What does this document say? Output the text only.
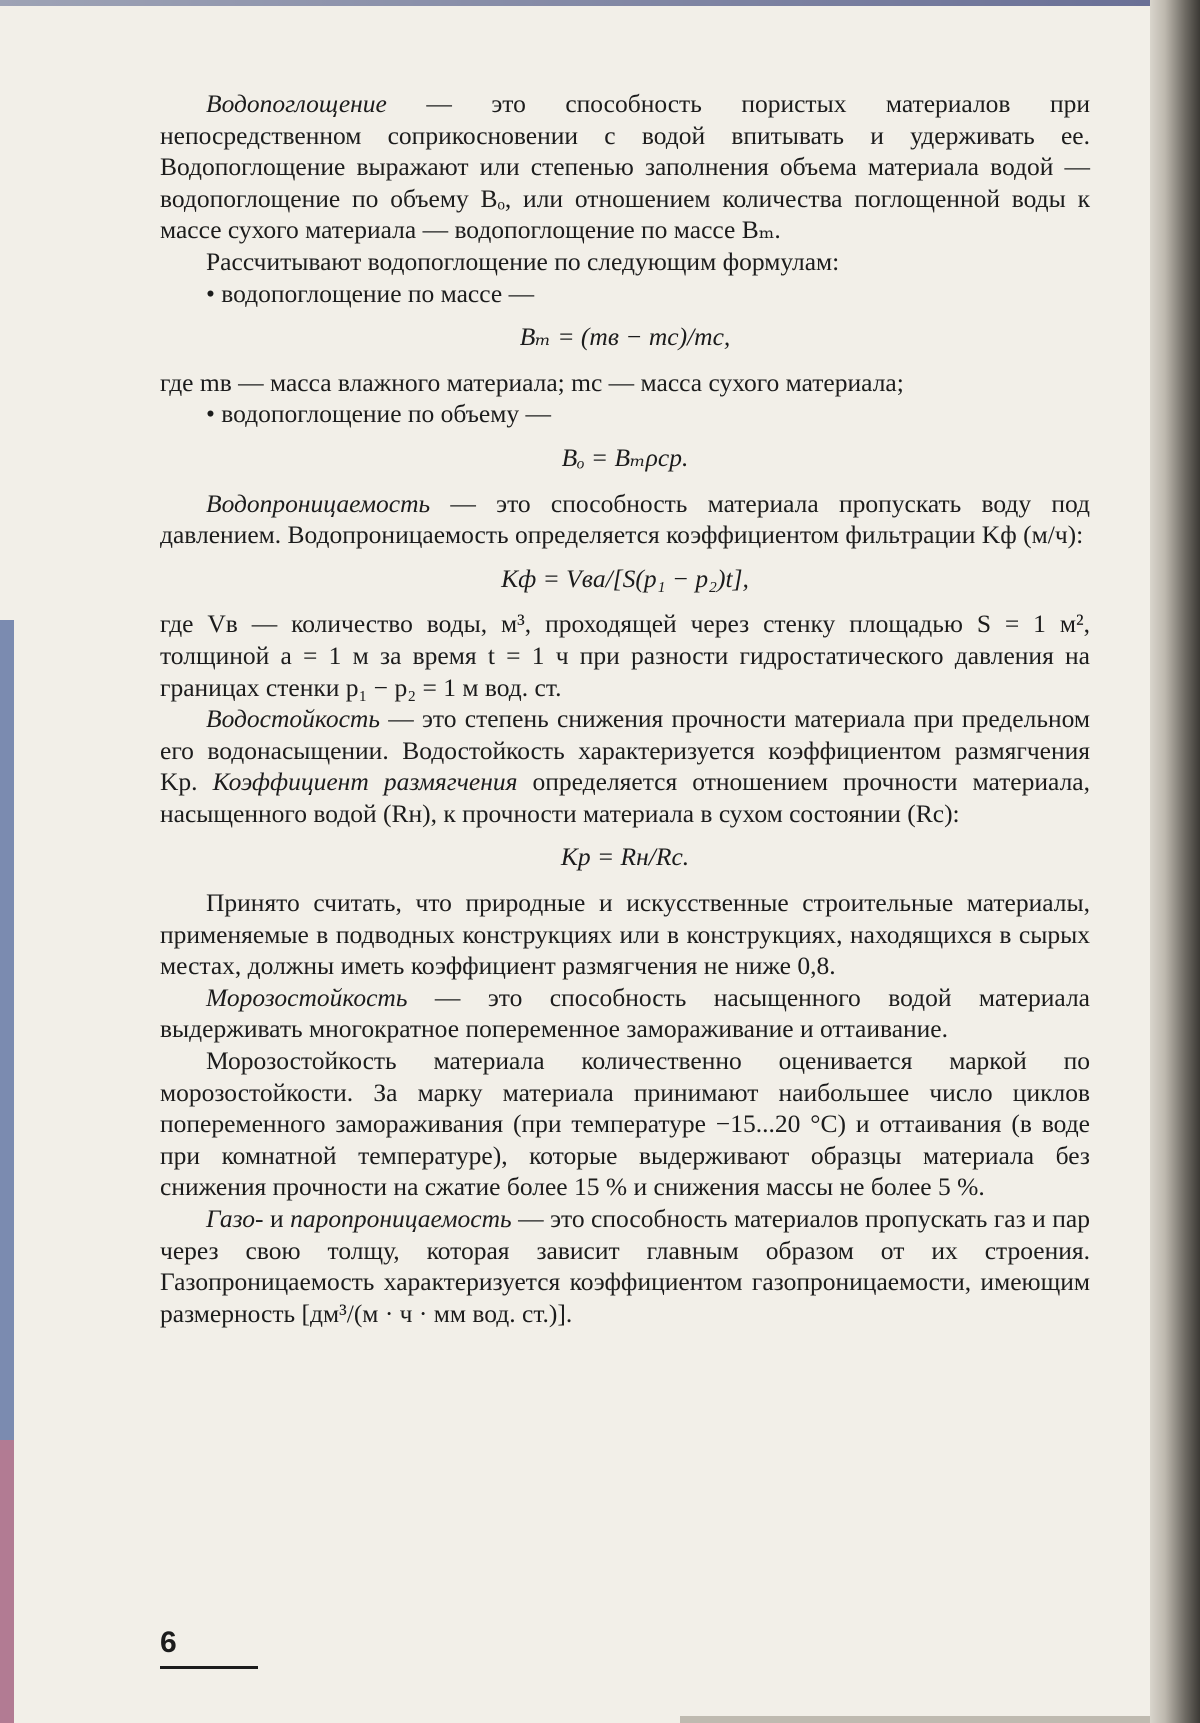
Водопоглощение — это способность пористых материалов при непосредственном соприкосновении с водой впитывать и удерживать ее. Водопоглощение выражают или степенью заполнения объема материала водой — водопоглощение по объему Вₒ, или отношением количества поглощенной воды к массе сухого материала — водопоглощение по массе Вₘ.

Рассчитывают водопоглощение по следующим формулам:

• водопоглощение по массе —

Вₘ = (mв − mс)/mс,

где mв — масса влажного материала; mс — масса сухого материала;

• водопоглощение по объему —

Вₒ = Вₘρср.

Водопроницаемость — это способность материала пропускать воду под давлением. Водопроницаемость определяется коэффициентом фильтрации Kф (м/ч):

Kф = Vвa/[S(p₁ − p₂)t],

где Vв — количество воды, м³, проходящей через стенку площадью S = 1 м², толщиной a = 1 м за время t = 1 ч при разности гидростатического давления на границах стенки p₁ − p₂ = 1 м вод. ст.

Водостойкость — это степень снижения прочности материала при предельном его водонасыщении. Водостойкость характеризуется коэффициентом размягчения Kр. Коэффициент размягчения определяется отношением прочности материала, насыщенного водой (Rн), к прочности материала в сухом состоянии (Rс):

Kр = Rн/Rс.

Принято считать, что природные и искусственные строительные материалы, применяемые в подводных конструкциях или в конструкциях, находящихся в сырых местах, должны иметь коэффициент размягчения не ниже 0,8.

Морозостойкость — это способность насыщенного водой материала выдерживать многократное попеременное замораживание и оттаивание.

Морозостойкость материала количественно оценивается маркой по морозостойкости. За марку материала принимают наибольшее число циклов попеременного замораживания (при температуре −15...20 °С) и оттаивания (в воде при комнатной температуре), которые выдерживают образцы материала без снижения прочности на сжатие более 15 % и снижения массы не более 5 %.

Газо- и паропроницаемость — это способность материалов пропускать газ и пар через свою толщу, которая зависит главным образом от их строения. Газопроницаемость характеризуется коэффициентом газопроницаемости, имеющим размерность [дм³/(м · ч · мм вод. ст.)].

6
